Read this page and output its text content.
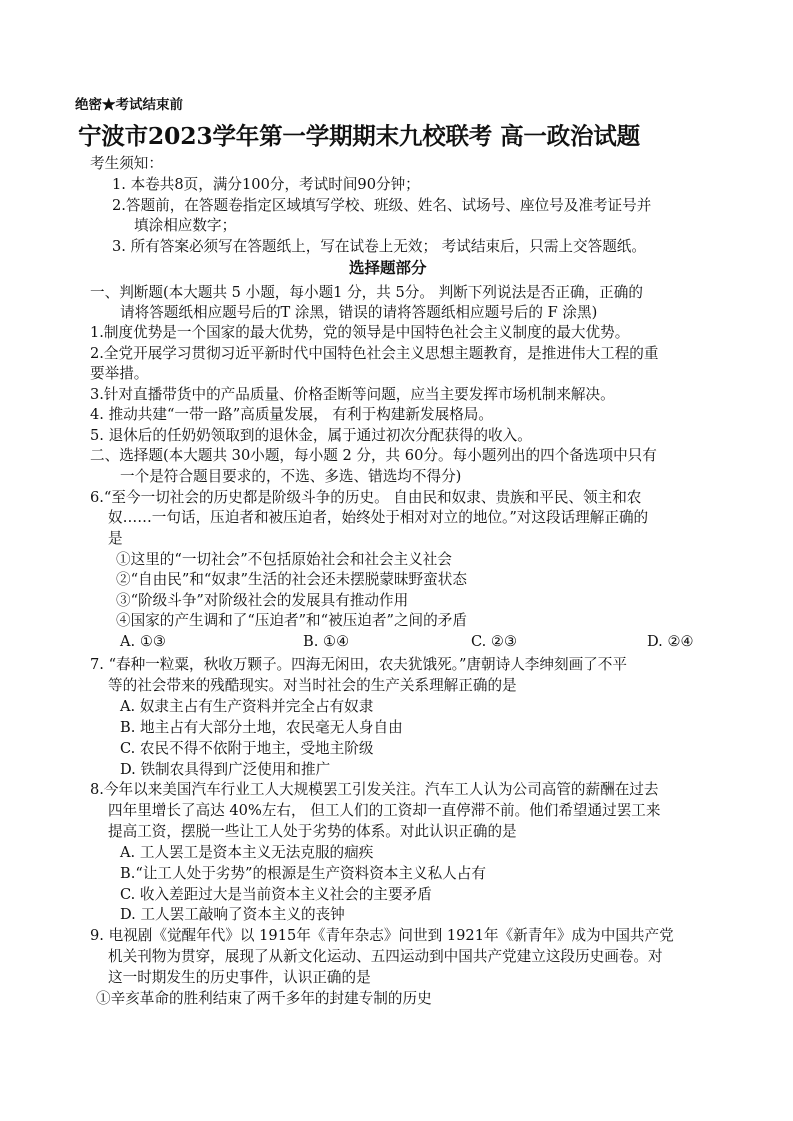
绝密★考试结束前
宁波市2023学年第一学期期末九校联考 高一政治试题
考生须知：
1. 本卷共8页，满分100分，考试时间90分钟；
2.答题前，在答题卷指定区域填写学校、班级、姓名、试场号、座位号及准考证号并
填涂相应数字；
3. 所有答案必须写在答题纸上，写在试卷上无效； 考试结束后，只需上交答题纸。
选择题部分
一、判断题(本大题共 5 小题，每小题1 分，共 5分。 判断下列说法是否正确，正确的
请将答题纸相应题号后的T 涂黑，错误的请将答题纸相应题号后的 F 涂黑)
1.制度优势是一个国家的最大优势，党的领导是中国特色社会主义制度的最大优势。
2.全党开展学习贯彻习近平新时代中国特色社会主义思想主题教育，是推进伟大工程的重
要举措。
3.针对直播带货中的产品质量、价格歪断等问题，应当主要发挥市场机制来解决。
4. 推动共建“一带一路”高质量发展， 有利于构建新发展格局。
5. 退休后的任奶奶领取到的退休金，属于通过初次分配获得的收入。
二、选择题(本大题共 30小题，每小题 2 分，共 60分。每小题列出的四个备选项中只有
一个是符合题目要求的，不选、多选、错选均不得分)
6.“至今一切社会的历史都是阶级斗争的历史。 自由民和奴隶、贵族和平民、领主和农
奴……一句话，压迫者和被压迫者，始终处于相对对立的地位。”对这段话理解正确的
是
①这里的“一切社会”不包括原始社会和社会主义社会
②“自由民”和“奴隶”生活的社会还未摆脱蒙昧野蛮状态
③“阶级斗争”对阶级社会的发展具有推动作用
④国家的产生调和了“压迫者”和“被压迫者”之间的矛盾
A. ①③	B. ①④	C. ②③	D. ②④
7. “春种一粒粟，秋收万颗子。四海无闲田，农夫犹饿死。”唐朝诗人李绅刻画了不平
等的社会带来的残酷现实。对当时社会的生产关系理解正确的是
A. 奴隶主占有生产资料并完全占有奴隶
B. 地主占有大部分土地，农民毫无人身自由
C. 农民不得不依附于地主，受地主阶级
D. 铁制农具得到广泛使用和推广
8.今年以来美国汽车行业工人大规模罢工引发关注。汽车工人认为公司高管的薪酬在过去
四年里增长了高达 40%左右， 但工人们的工资却一直停滞不前。他们希望通过罢工来
提高工资，摆脱一些让工人处于劣势的体系。对此认识正确的是
A. 工人罢工是资本主义无法克服的痼疾
B.“让工人处于劣势”的根源是生产资料资本主义私人占有
C. 收入差距过大是当前资本主义社会的主要矛盾
D. 工人罢工敲响了资本主义的丧钟
9. 电视剧《觉醒年代》以 1915年《青年杂志》问世到 1921年《新青年》成为中国共产党
机关刊物为贯穿，展现了从新文化运动、五四运动到中国共产党建立这段历史画卷。对
这一时期发生的历史事件，认识正确的是
①辛亥革命的胜利结束了两千多年的封建专制的历史
